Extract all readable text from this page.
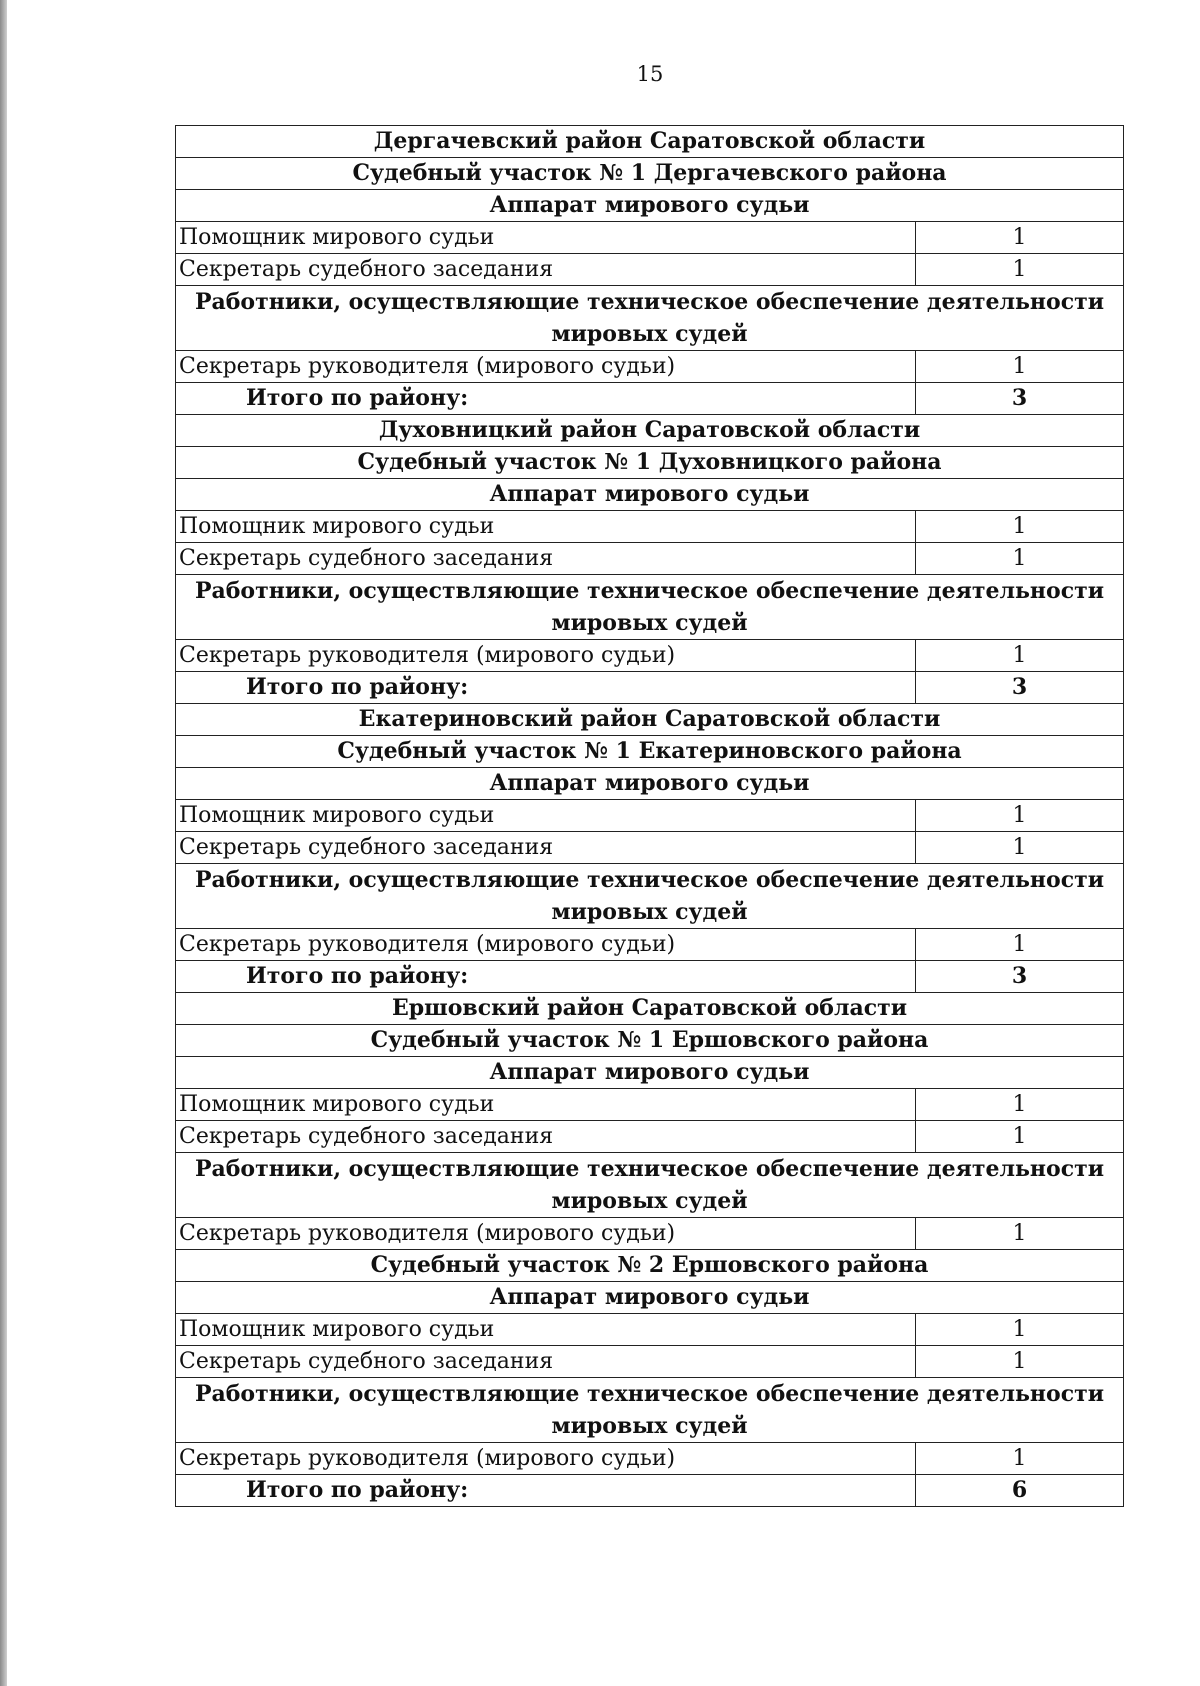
15
Дергачевский район Саратовской области	
Судебный участок № 1 Дергачевского района	
Аппарат мирового судьи	
Помощник мирового судьи	1
Секретарь судебного заседания	1
Работники, осуществляющие техническое обеспечение деятельности мировых судей	
Секретарь руководителя (мирового судьи)	1
Итого по району:	3
Духовницкий район Саратовской области	
Судебный участок № 1 Духовницкого района	
Аппарат мирового судьи	
Помощник мирового судьи	1
Секретарь судебного заседания	1
Работники, осуществляющие техническое обеспечение деятельности мировых судей	
Секретарь руководителя (мирового судьи)	1
Итого по району:	3
Екатериновский район Саратовской области	
Судебный участок № 1 Екатериновского района	
Аппарат мирового судьи	
Помощник мирового судьи	1
Секретарь судебного заседания	1
Работники, осуществляющие техническое обеспечение деятельности мировых судей	
Секретарь руководителя (мирового судьи)	1
Итого по району:	3
Ершовский район Саратовской области	
Судебный участок № 1 Ершовского района	
Аппарат мирового судьи	
Помощник мирового судьи	1
Секретарь судебного заседания	1
Работники, осуществляющие техническое обеспечение деятельности мировых судей	
Секретарь руководителя (мирового судьи)	1
Судебный участок № 2 Ершовского района	
Аппарат мирового судьи	
Помощник мирового судьи	1
Секретарь судебного заседания	1
Работники, осуществляющие техническое обеспечение деятельности мировых судей	
Секретарь руководителя (мирового судьи)	1
Итого по району:	6
